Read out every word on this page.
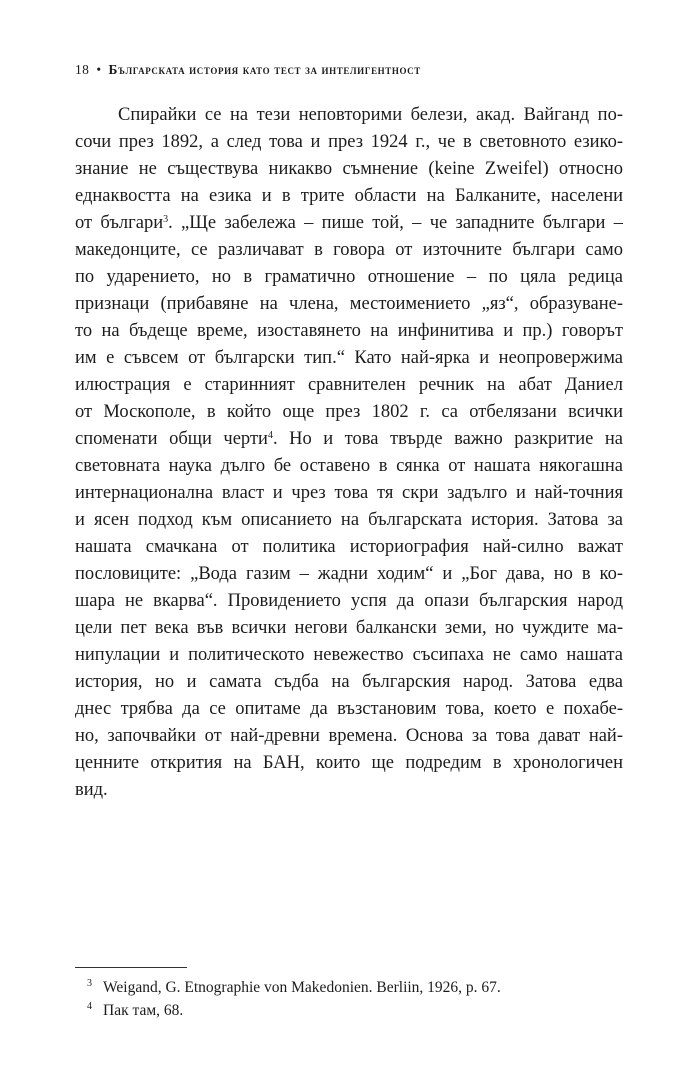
18 • Българската история като тест за интелигентност
Спирайки се на тези неповторими белези, акад. Вайганд по-
сочи през 1892, а след това и през 1924 г., че в световното езико-
знание не съществува никакво съмнение (keine Zweifel) относно
еднаквостта на езика и в трите области на Балканите, населени
от българи$^3$. „Ще забележа – пише той, – че западните българи –
македонците, се различават в говора от източните българи само
по ударението, но в граматично отношение – по цяла редица
признаци (прибавяне на члена, местоимението „яз“, образуване-
то на бъдеще време, изоставянето на инфинитива и пр.) говорът
им е съвсем от български тип.“ Като най-ярка и неопровержима
илюстрация е старинният сравнителен речник на абат Даниел
от Москополе, в който още през 1802 г. са отбелязани всички
споменати общи черти$^4$. Но и това твърде важно разкритие на
световната наука дълго бе оставено в сянка от нашата някогашна
интернационална власт и чрез това тя скри задълго и най-точния
и ясен подход към описанието на българската история. Затова за
нашата смачкана от политика историография най-силно важат
пословиците: „Вода газим – жадни ходим“ и „Бог дава, но в ко-
шара не вкарва“. Провидението успя да опази българския народ
цели пет века във всички негови балкански земи, но чуждите ма-
нипулации и политическото невежество съсипаха не само нашата
история, но и самата съдба на българския народ. Затова едва
днес трябва да се опитаме да възстановим това, което е похабе-
но, започвайки от най-древни времена. Основа за това дават най-
ценните открития на БАН, които ще подредим в хронологичен
вид.
$^3$ Weigand, G. Etnographie von Makedonien. Berliin, 1926, p. 67.
$^4$ Пак там, 68.
